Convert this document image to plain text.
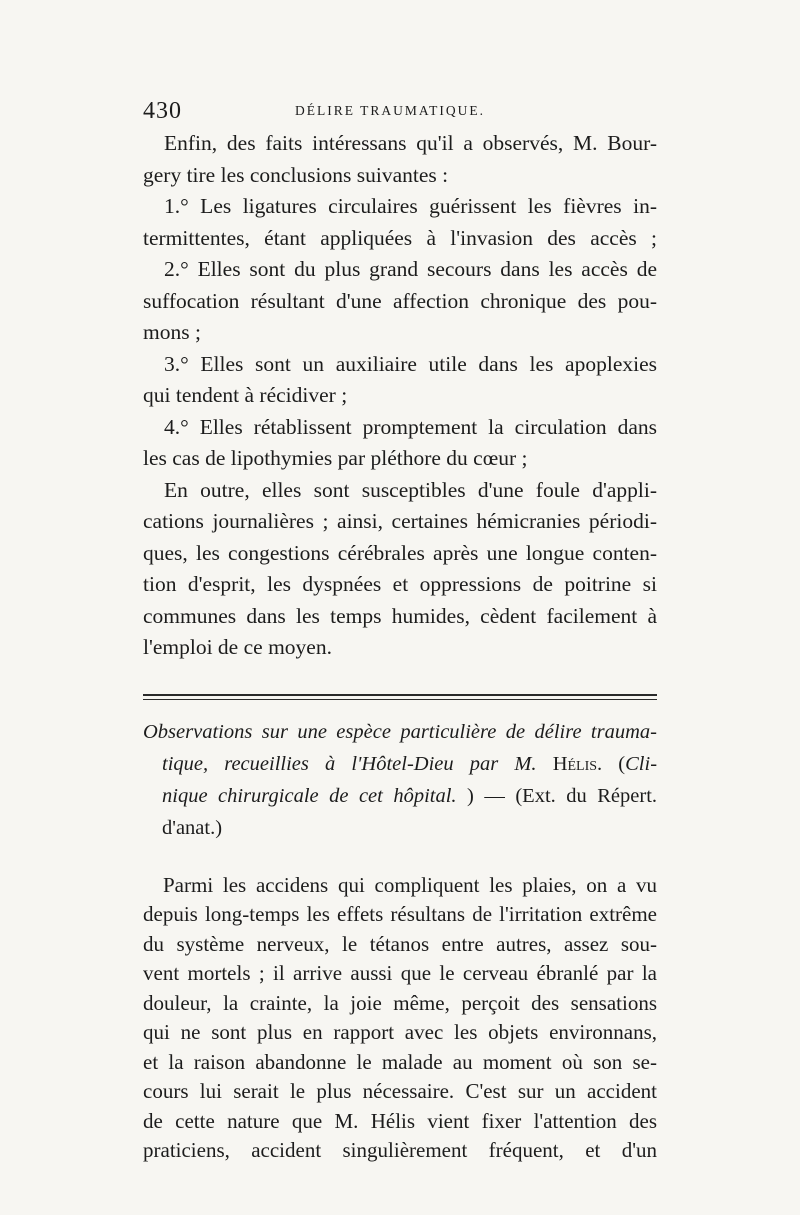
430	DÉLIRE TRAUMATIQUE.
Enfin, des faits intéressans qu'il a observés, M. Bour-
gery tire les conclusions suivantes :
1.° Les ligatures circulaires guérissent les fièvres in-
termittentes, étant appliquées à l'invasion des accès ;
2.° Elles sont du plus grand secours dans les accès de
suffocation résultant d'une affection chronique des pou-
mons ;
3.° Elles sont un auxiliaire utile dans les apoplexies
qui tendent à récidiver ;
4.° Elles rétablissent promptement la circulation dans
les cas de lipothymies par pléthore du cœur ;
En outre, elles sont susceptibles d'une foule d'appli-
cations journalières ; ainsi, certaines hémicranies périodi-
ques, les congestions cérébrales après une longue conten-
tion d'esprit, les dyspnées et oppressions de poitrine si
communes dans les temps humides, cèdent facilement à
l'emploi de ce moyen.
Observations sur une espèce particulière de délire trauma-
tique, recueillies à l'Hôtel-Dieu par M. Hélis. (Cli-
nique chirurgicale de cet hôpital. ) — (Ext. du Répert.
d'anat.)
Parmi les accidens qui compliquent les plaies, on a vu
depuis long-temps les effets résultans de l'irritation extrême
du système nerveux, le tétanos entre autres, assez sou-
vent mortels ; il arrive aussi que le cerveau ébranlé par la
douleur, la crainte, la joie même, perçoit des sensations
qui ne sont plus en rapport avec les objets environnans,
et la raison abandonne le malade au moment où son se-
cours lui serait le plus nécessaire. C'est sur un accident
de cette nature que M. Hélis vient fixer l'attention des
praticiens, accident singulièrement fréquent, et d'un
